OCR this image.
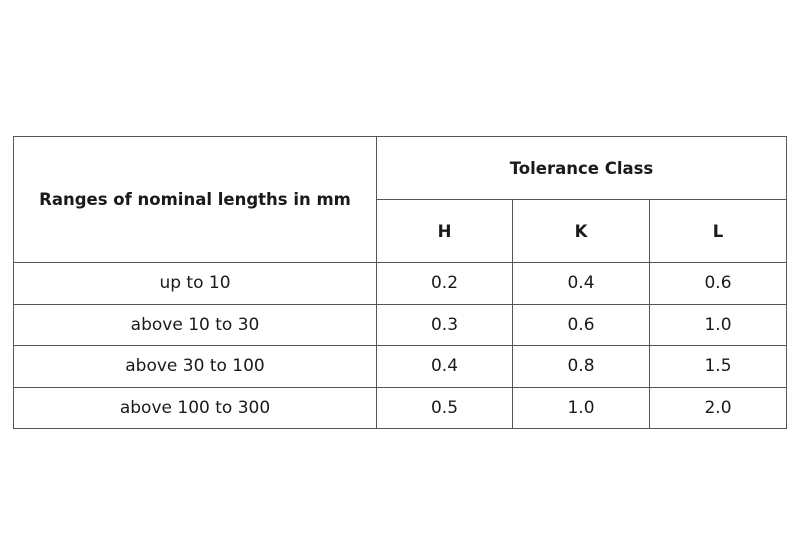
Ranges of nominal lengths in mm	Tolerance Class		
	H	K	L
up to 10	0.2	0.4	0.6
above 10 to 30	0.3	0.6	1.0
above 30 to 100	0.4	0.8	1.5
above 100 to 300	0.5	1.0	2.0
